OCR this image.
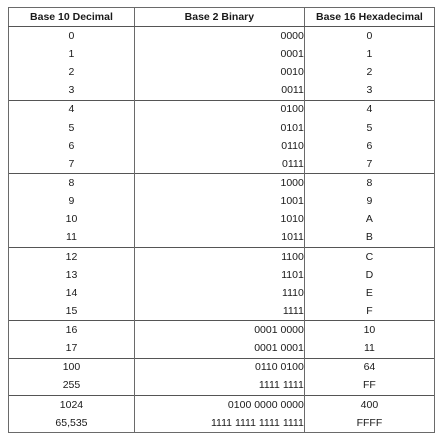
Base 10 Decimal	Base 2 Binary	Base 16 Hexadecimal
0	0000	0
1	0001	1
2	0010	2
3	0011	3
4	0100	4
5	0101	5
6	0110	6
7	0111	7
8	1000	8
9	1001	9
10	1010	A
11	1011	B
12	1100	C
13	1101	D
14	1110	E
15	1111	F
16	0001 0000	10
17	0001 0001	11
100	0110 0100	64
255	1111 1111	FF
1024	0100 0000 0000	400
65,535	1111 1111 1111 1111	FFFF
